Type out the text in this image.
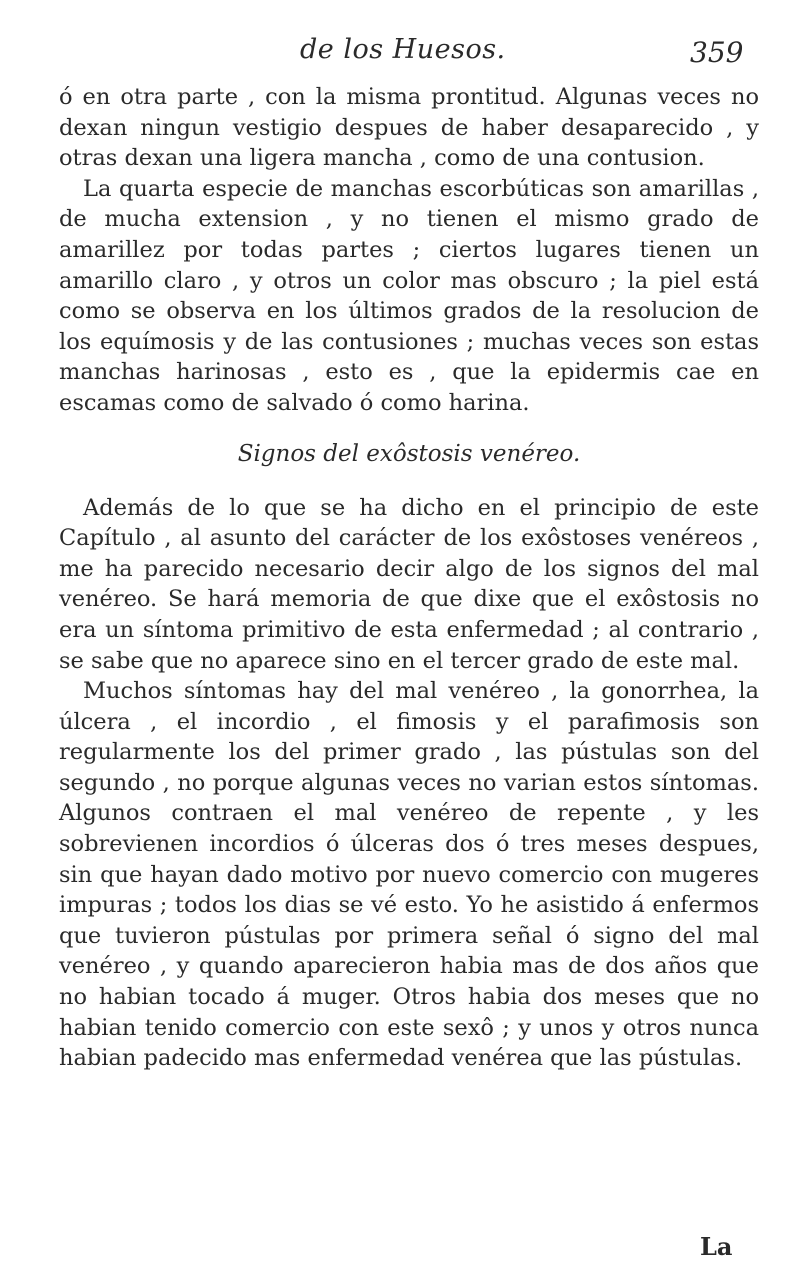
de los Huesos.	359

ó en otra parte , con la misma prontitud. Algunas veces no dexan ningun vestigio despues de haber desaparecido , y otras dexan una ligera mancha , como de una contusion.

La quarta especie de manchas escorbúticas son amarillas , de mucha extension , y no tienen el mismo grado de amarillez por todas partes ; ciertos lugares tienen un amarillo claro , y otros un color mas obscuro ; la piel está como se observa en los últimos grados de la resolucion de los equímosis y de las contusiones ; muchas veces son estas manchas harinosas , esto es , que la epidermis cae en escamas como de salvado ó como harina.

Signos del exôstosis venéreo.

Además de lo que se ha dicho en el principio de este Capítulo , al asunto del carácter de los exôstoses venéreos , me ha parecido necesario decir algo de los signos del mal venéreo. Se hará memoria de que dixe que el exôstosis no era un síntoma primitivo de esta enfermedad ; al contrario , se sabe que no aparece sino en el tercer grado de este mal.

Muchos síntomas hay del mal venéreo , la gonorrhea, la úlcera , el incordio , el fimosis y el parafimosis son regularmente los del primer grado , las pústulas son del segundo , no porque algunas veces no varian estos síntomas. Algunos contraen el mal venéreo de repente , y les sobrevienen incordios ó úlceras dos ó tres meses despues, sin que hayan dado motivo por nuevo comercio con mugeres impuras ; todos los dias se vé esto. Yo he asistido á enfermos que tuvieron pústulas por primera señal ó signo del mal venéreo , y quando aparecieron habia mas de dos años que no habian tocado á muger. Otros habia dos meses que no habian tenido comercio con este sexô ; y unos y otros nunca habian padecido mas enfermedad venérea que las pústulas.

La
